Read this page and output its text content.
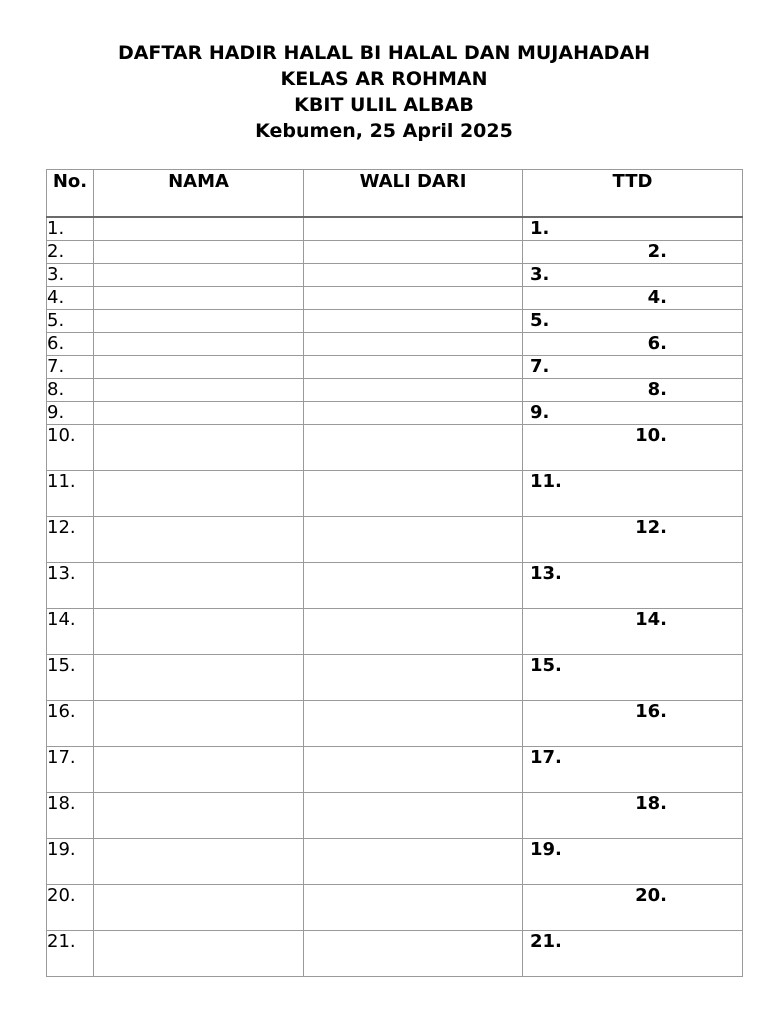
DAFTAR HADIR HALAL BI HALAL DAN MUJAHADAH
KELAS AR ROHMAN
KBIT ULIL ALBAB
Kebumen, 25 April 2025
No.	NAMA	WALI DARI	TTD
1.			1.
2.			2.
3.			3.
4.			4.
5.			5.
6.			6.
7.			7.
8.			8.
9.			9.
10.			10.
11.			11.
12.			12.
13.			13.
14.			14.
15.			15.
16.			16.
17.			17.
18.			18.
19.			19.
20.			20.
21.			21.
